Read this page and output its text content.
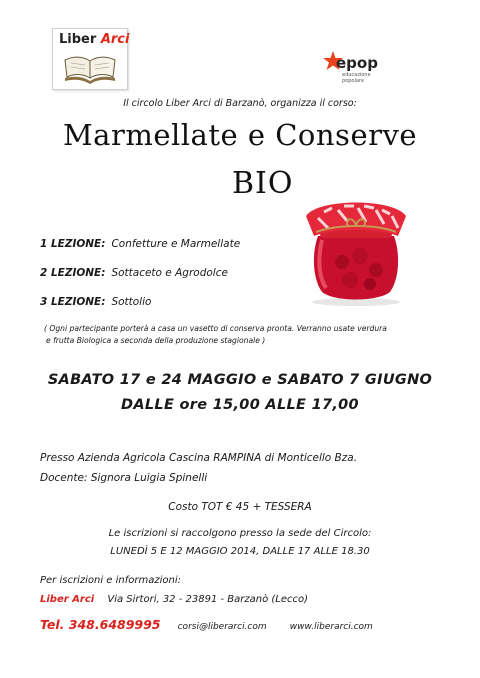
Liber Arci
epop
educazione popolare
Il circolo Liber Arci di Barzanò, organizza il corso:
Marmellate e Conserve
BIO
1 LEZIONE: Confetture e Marmellate
2 LEZIONE: Sottaceto e Agrodolce
3 LEZIONE: Sottolio
( Ogni partecipante porterà a casa un vasetto di conserva pronta. Verranno usate verdura
e frutta Biologica a seconda della produzione stagionale )
SABATO 17 e 24 MAGGIO e SABATO 7 GIUGNO
DALLE ore 15,00 ALLE 17,00
Presso Azienda Agricola Cascina RAMPINA di Monticello Bza.
Docente: Signora Luigia Spinelli
Costo TOT € 45 + TESSERA
Le iscrizioni si raccolgono presso la sede del Circolo:
LUNEDÌ 5 E 12 MAGGIO 2014, DALLE 17 ALLE 18.30
Per iscrizioni e informazioni:
Liber Arci Via Sirtori, 32 - 23891 - Barzanò (Lecco)
Tel. 348.6489995 corsi@liberarci.com	www.liberarci.com
